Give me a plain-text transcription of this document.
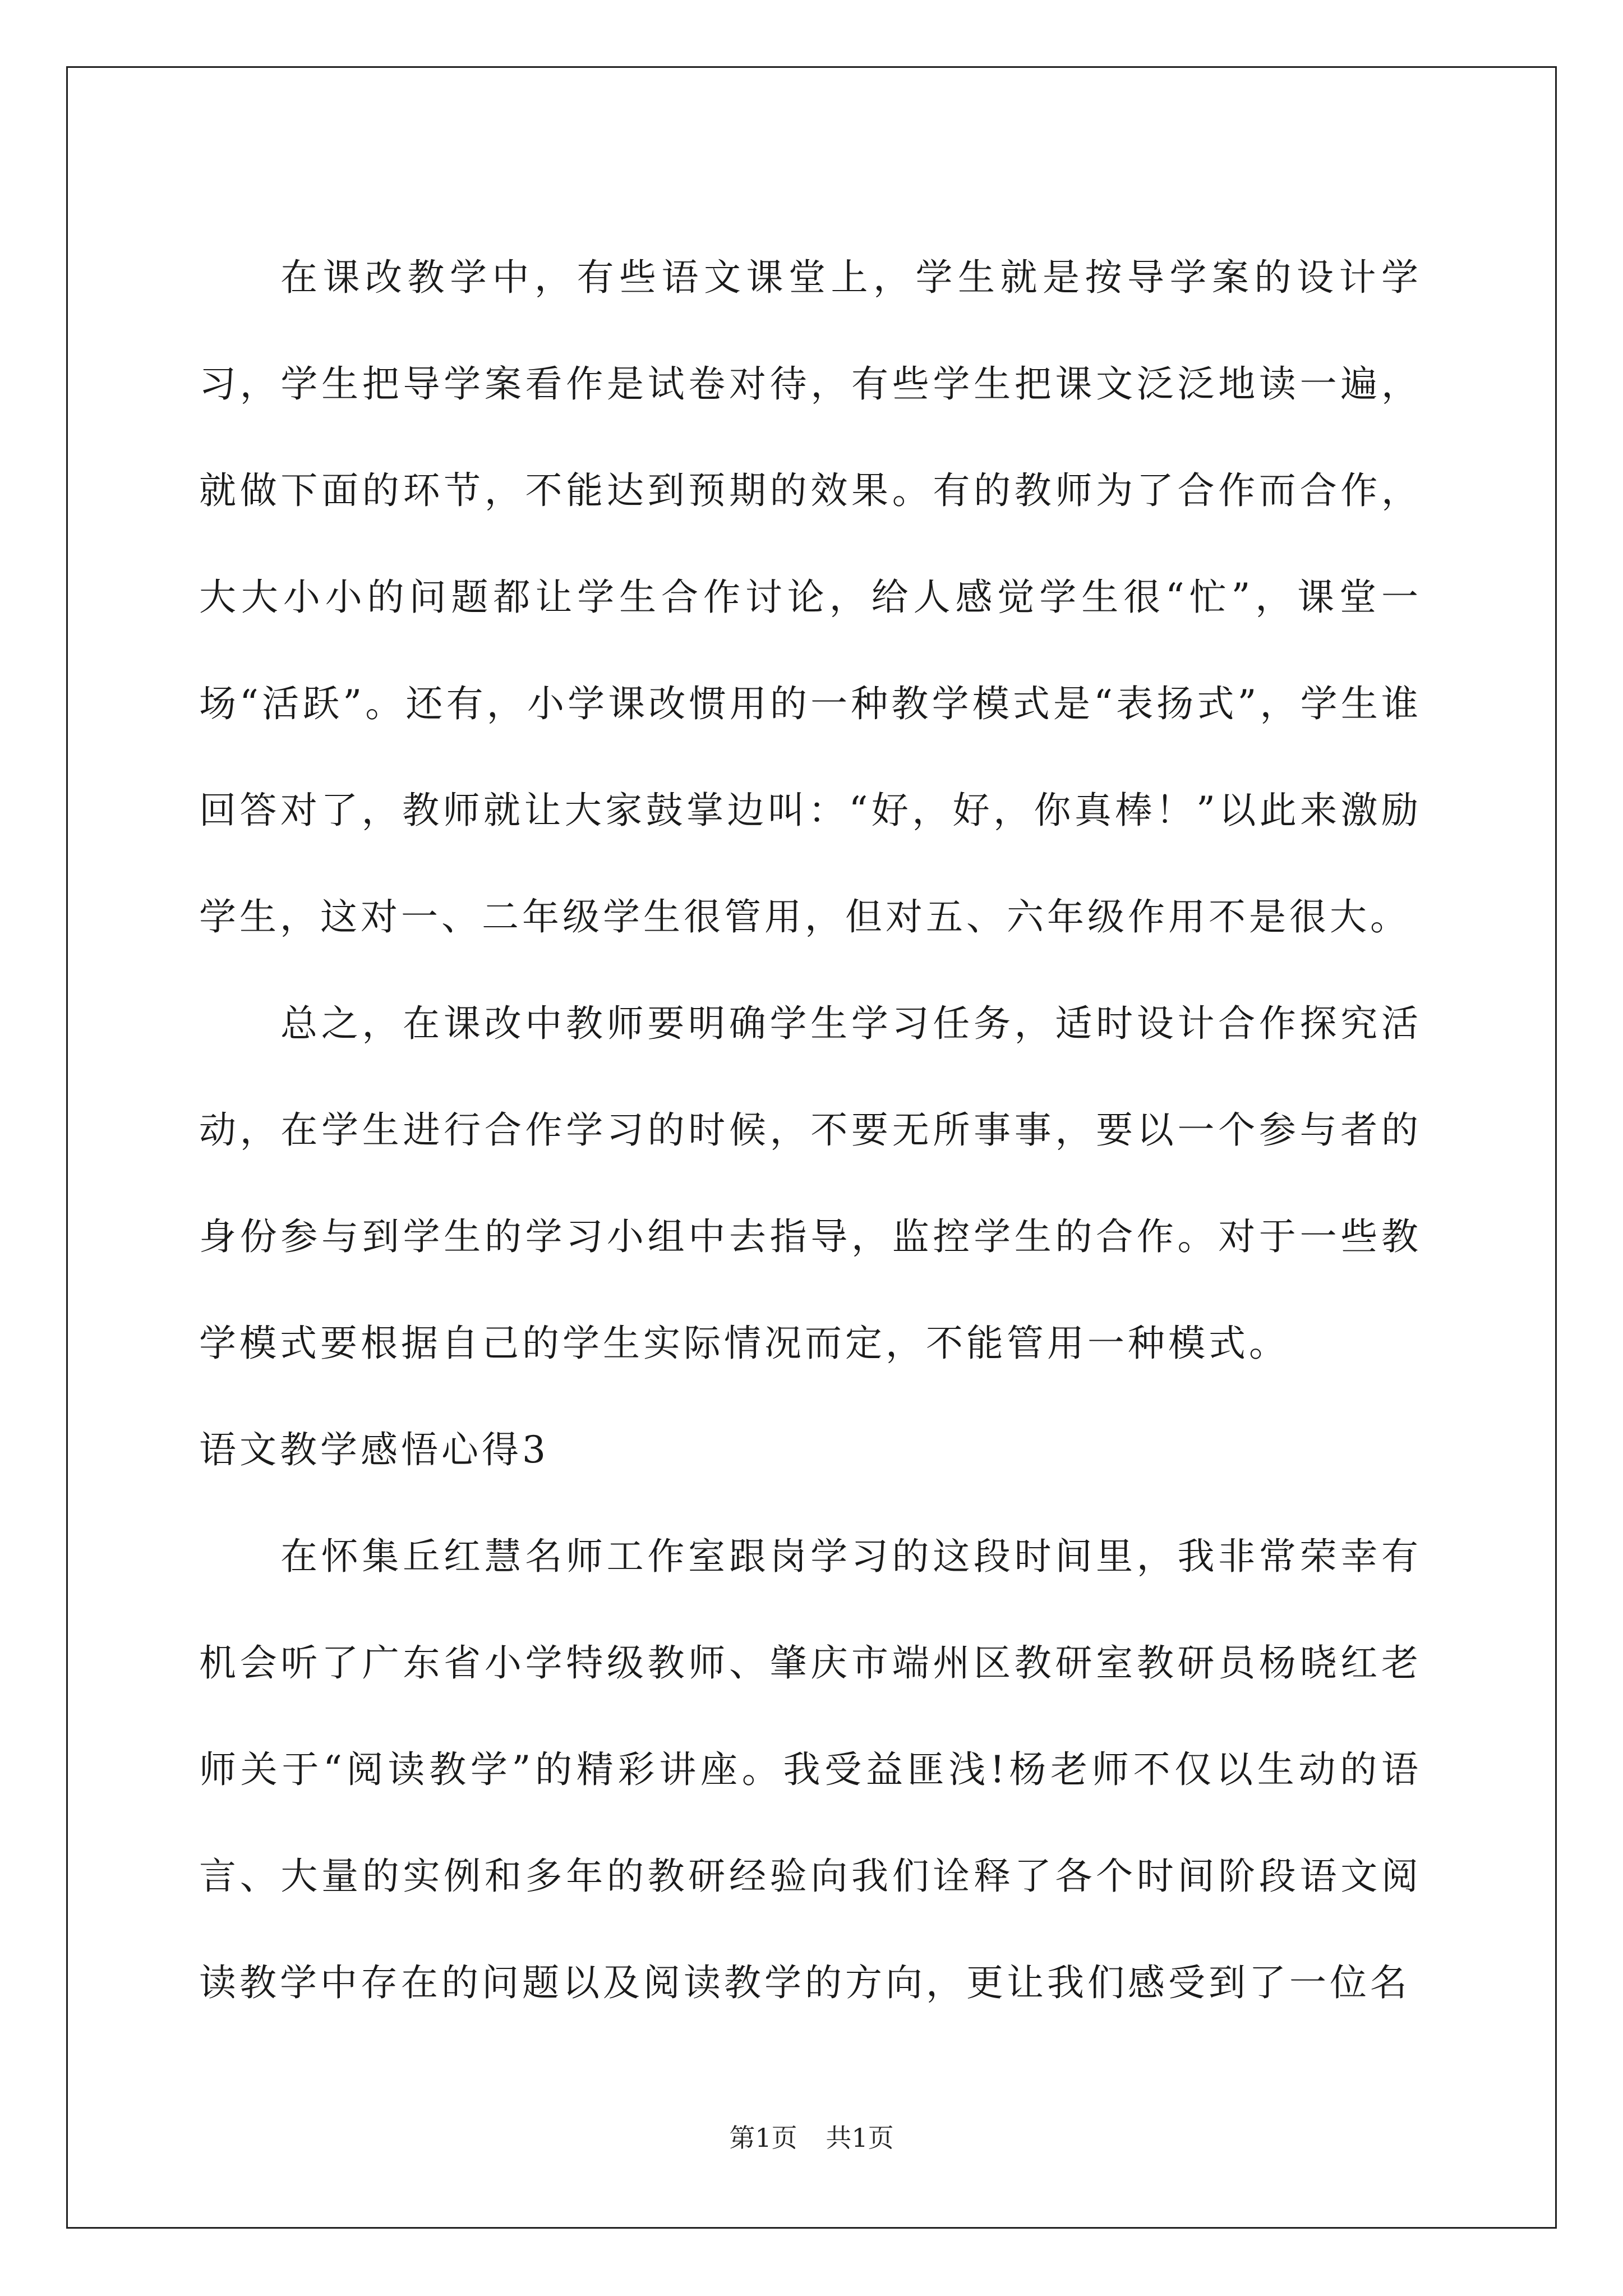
在课改教学中，有些语文课堂上，学生就是按导学案的设计学习，学生把导学案看作是试卷对待，有些学生把课文泛泛地读一遍，就做下面的环节，不能达到预期的效果。有的教师为了合作而合作，大大小小的问题都让学生合作讨论，给人感觉学生很“忙”，课堂一场“活跃”。还有，小学课改惯用的一种教学模式是“表扬式”，学生谁回答对了，教师就让大家鼓掌边叫：“好，好，你真棒！”以此来激励学生，这对一、二年级学生很管用，但对五、六年级作用不是很大。

总之，在课改中教师要明确学生学习任务，适时设计合作探究活动，在学生进行合作学习的时候，不要无所事事，要以一个参与者的身份参与到学生的学习小组中去指导，监控学生的合作。对于一些教学模式要根据自己的学生实际情况而定，不能管用一种模式。

语文教学感悟心得3

在怀集丘红慧名师工作室跟岗学习的这段时间里，我非常荣幸有机会听了广东省小学特级教师、肇庆市端州区教研室教研员杨晓红老师关于“阅读教学”的精彩讲座。我受益匪浅!杨老师不仅以生动的语言、大量的实例和多年的教研经验向我们诠释了各个时间阶段语文阅读教学中存在的问题以及阅读教学的方向，更让我们感受到了一位名

第1页 共1页
